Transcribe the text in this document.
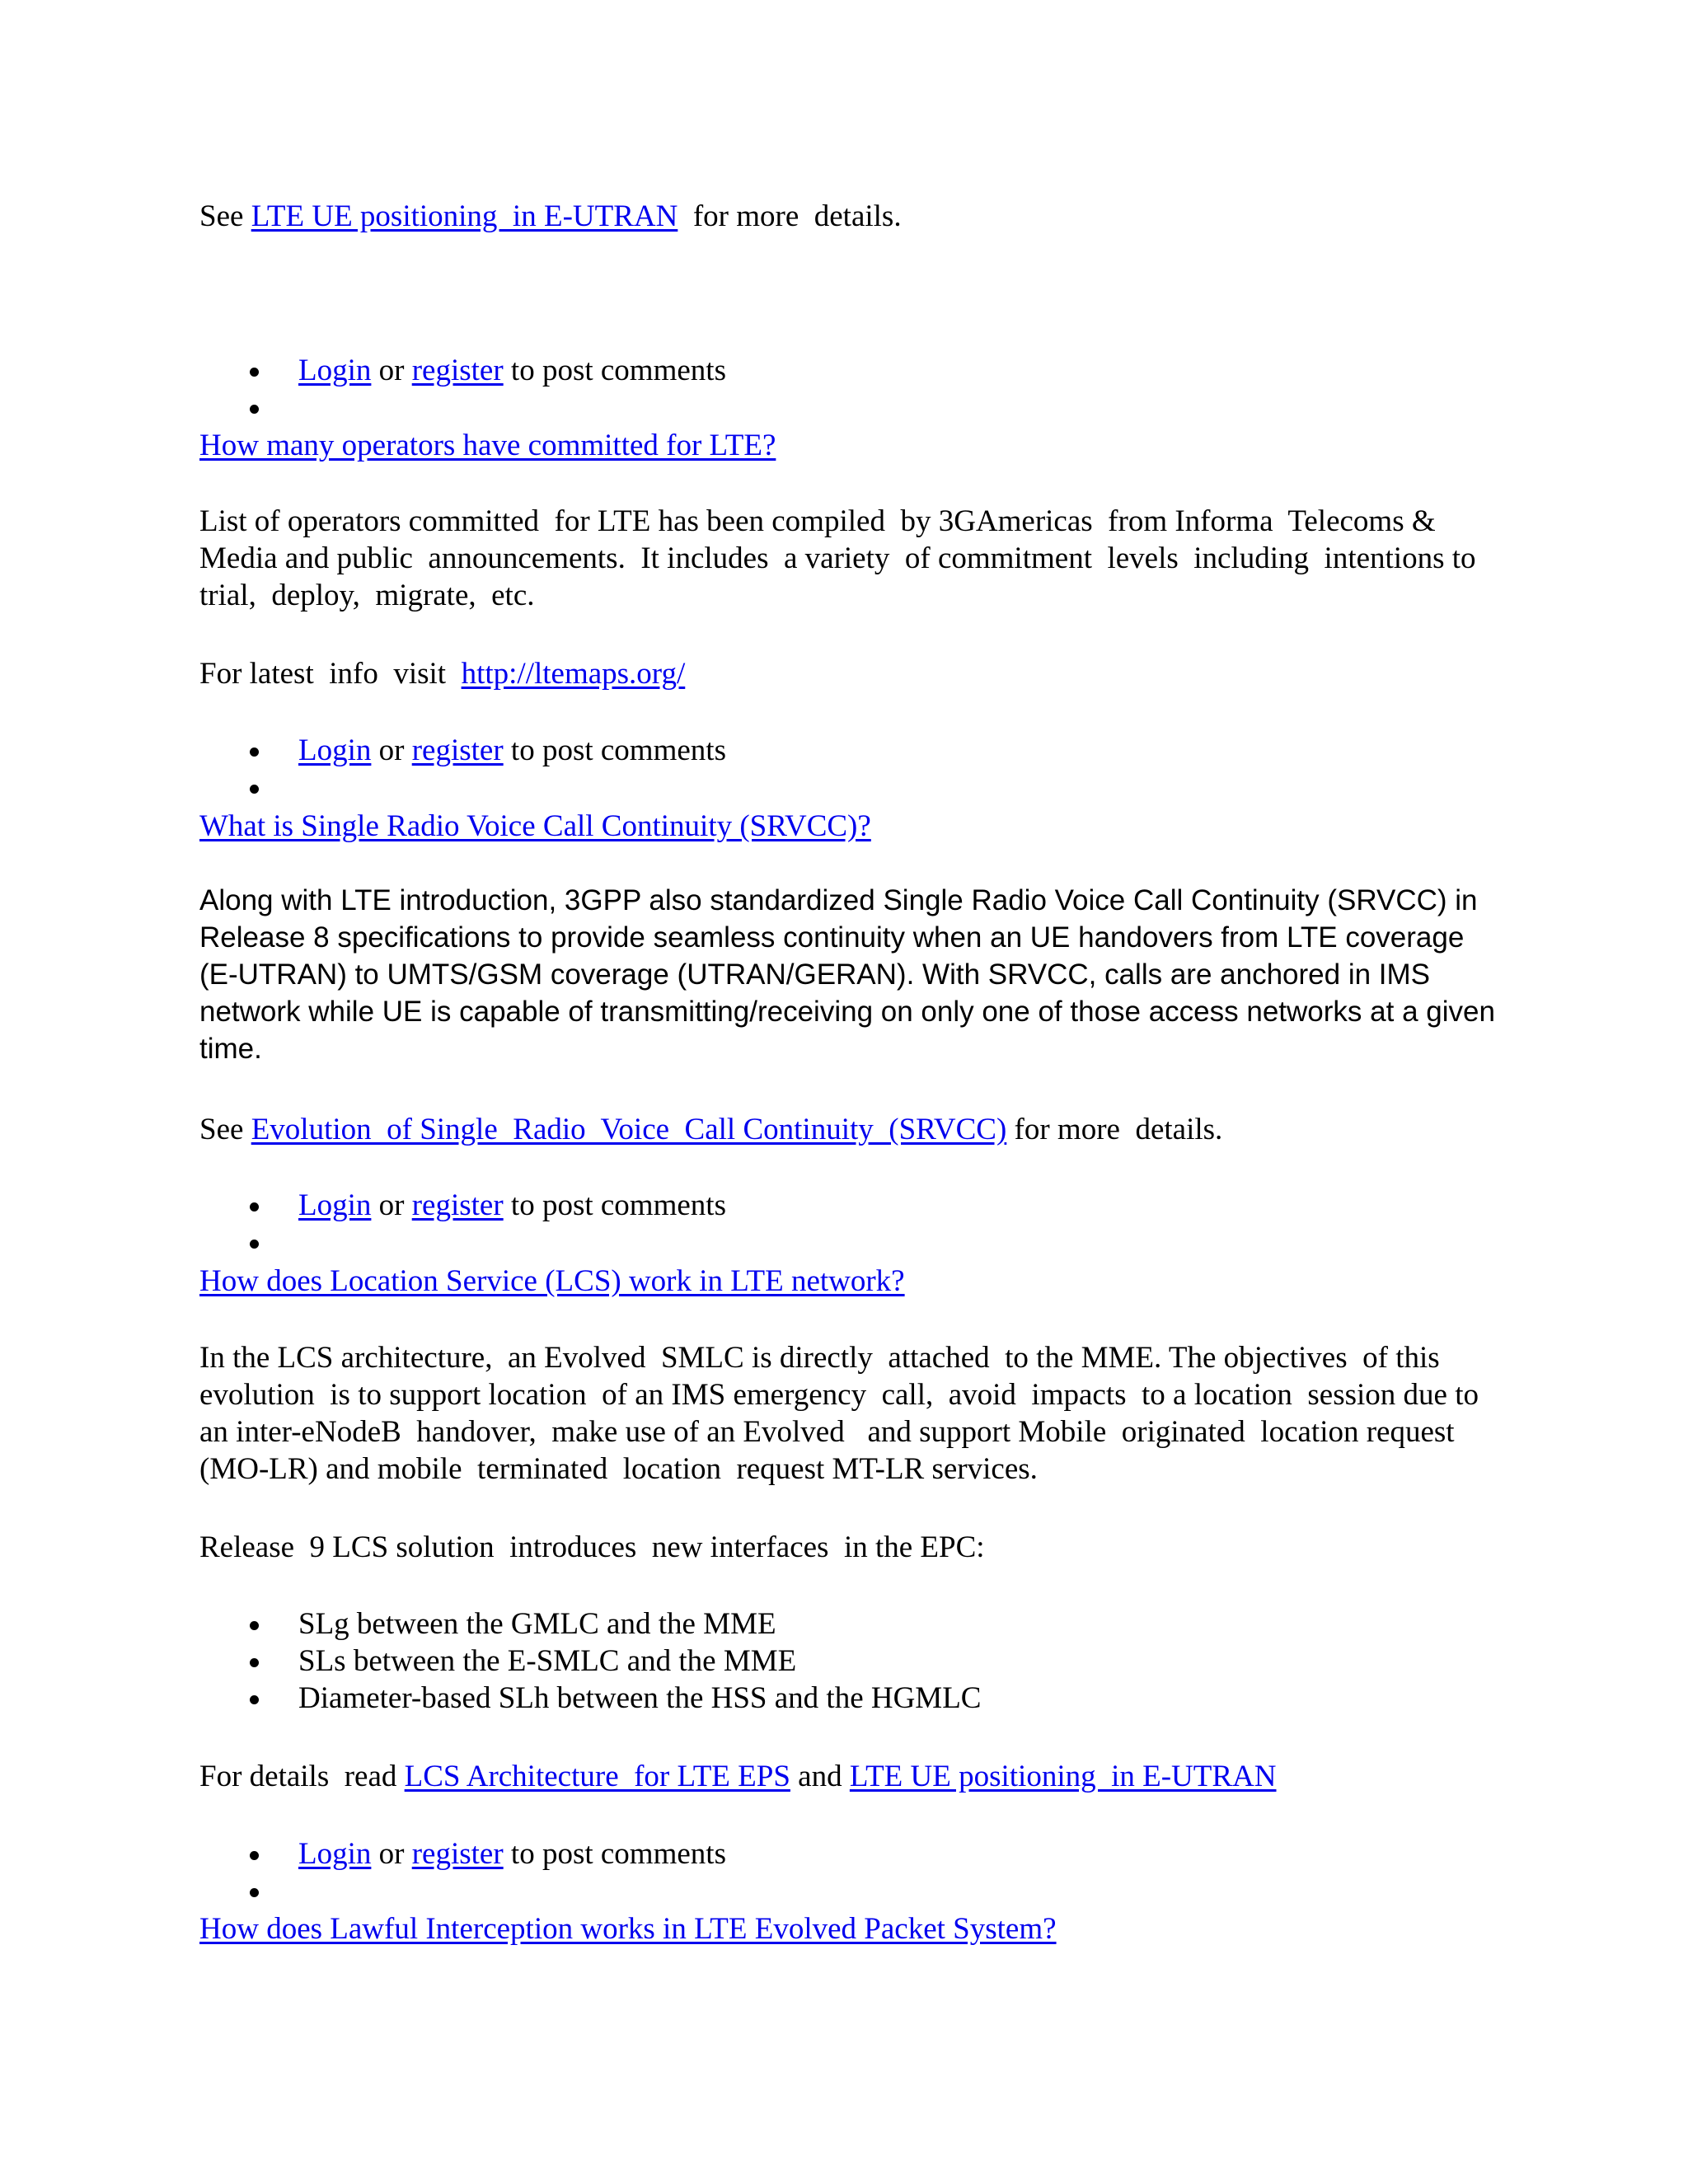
See LTE UE positioning  in E-UTRAN  for more  details.

Login or register to post comments

How many operators have committed for LTE?

List of operators committed  for LTE has been compiled  by 3GAmericas  from Informa  Telecoms & Media and public  announcements.  It includes  a variety  of commitment  levels  including  intentions to trial,  deploy,  migrate,  etc.

For latest  info  visit  http://ltemaps.org/

Login or register to post comments

What is Single Radio Voice Call Continuity (SRVCC)?

Along with LTE introduction, 3GPP also standardized Single Radio Voice Call Continuity (SRVCC) in Release 8 specifications to provide seamless continuity when an UE handovers from LTE coverage (E-UTRAN) to UMTS/GSM coverage (UTRAN/GERAN). With SRVCC, calls are anchored in IMS network while UE is capable of transmitting/receiving on only one of those access networks at a given  time.

See Evolution  of Single  Radio  Voice  Call Continuity  (SRVCC) for more  details.

Login or register to post comments

How does Location Service (LCS) work in LTE network?

In the LCS architecture,  an Evolved  SMLC is directly  attached  to the MME. The objectives  of this  evolution  is to support location  of an IMS emergency  call,  avoid  impacts  to a location  session due to an inter-eNodeB  handover,  make use of an Evolved   and support Mobile  originated  location request (MO-LR) and mobile  terminated  location  request MT-LR services.

Release  9 LCS solution  introduces  new interfaces  in the EPC:

SLg between the GMLC and the MME
SLs between the E-SMLC and the MME
Diameter-based SLh between the HSS and the HGMLC

For details  read LCS Architecture  for LTE EPS and LTE UE positioning  in E-UTRAN

Login or register to post comments

How does Lawful Interception works in LTE Evolved Packet System?
